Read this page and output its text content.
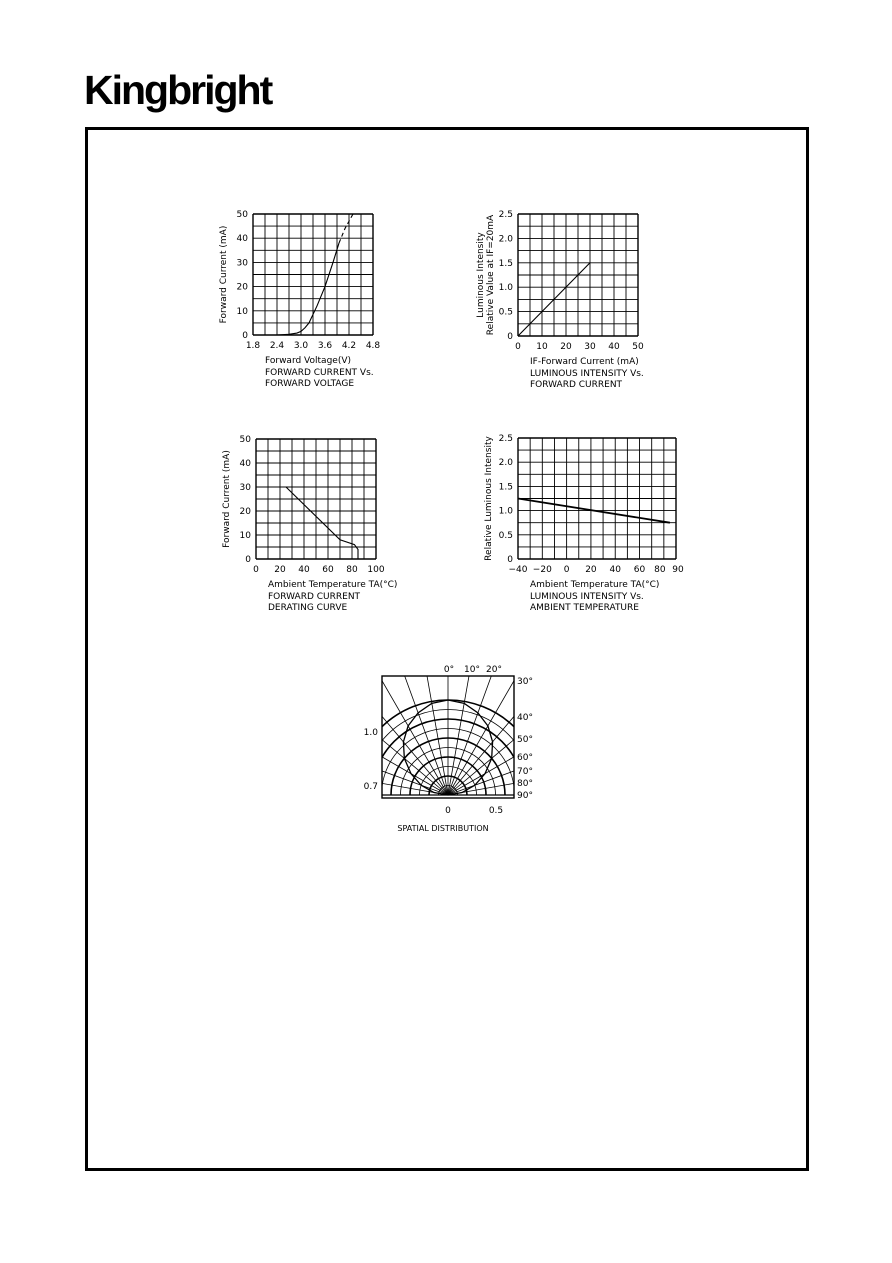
Kingbright
0
10
20
30
40
50
1.8 2.4 3.0 3.6 4.2 4.8
Forward Current (mA)
Forward Voltage(V)
FORWARD CURRENT Vs.
FORWARD VOLTAGE
0
0.5
1.0
1.5
2.0
2.5
0 10 20 30 40 50
Luminous Intensity Relative Value at IF=20mA
IF-Forward Current (mA)
LUMINOUS INTENSITY Vs.
FORWARD CURRENT
0
10
20
30
40
50
0 20 40 60 80 100
Forward Current (mA)
Ambient Temperature TA(°C)
FORWARD CURRENT
DERATING CURVE
0
0.5
1.0
1.5
2.0
2.5
−40 −20 0 20 40 60 80 90
Relative Luminous Intensity
Ambient Temperature TA(°C)
LUMINOUS INTENSITY Vs.
AMBIENT TEMPERATURE
0° 10° 20°
30°
40°
50°
60°
70°
80°
90°
1.0
0.7
0	0.5
SPATIAL DISTRIBUTION
